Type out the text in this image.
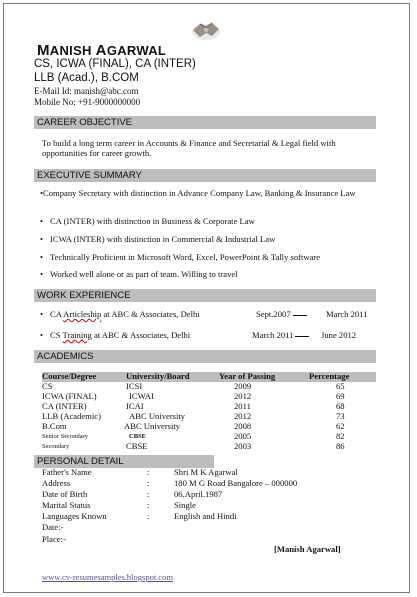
MANISH AGARWAL
CS, ICWA (FINAL), CA (INTER)
LLB (Acad.), B.COM
E-Mail Id: manish@abc.com
Mobile No: +91-9000000000
CAREER OBJECTIVE
To build a long term career in Accounts & Finance and Secretarial & Legal field with opportunities for career growth.
EXECUTIVE SUMMARY
•Company Secretary with distinction in Advance Company Law, Banking & Insurance Law
• CA (INTER) with distinction in Business & Corporate Law
• ICWA (INTER) with distinction in Commercial & Industrial Law
• Technically Proficient in Microsoft Word, Excel, PowerPoint & Tally software
• Worked well alone or as part of team. Willing to travel
WORK EXPERIENCE
• CA Articleship at ABC & Associates, Delhi	Sept.2007	March 2011
• CS Training at ABC & Associates, Delhi	March 2011	June 2012
ACADEMICS
Course/Degree	University/Board	Year of Passing	Percentage
CS	ICSI	2009	65
ICWA (FINAL)	ICWAI	2012	69
CA (INTER)	ICAI	2011	68
LLB (Academic)	ABC University	2012	73
B.Com	ABC University	2008	62
Senior Secondary	CBSE	2005	82
Secondary	CBSE	2003	86
PERSONAL DETAIL
Father's Name	:	Shri M K Agarwal
Address	:	180 M G Road Bangalore – 000000
Date of Birth	:	06.April.1987
Marital Status	:	Single
Languages Known	:	English and Hindi
Date:-
Place:-
[Manish Agarwal]
www.cv-resumesamples.blogspot.com
